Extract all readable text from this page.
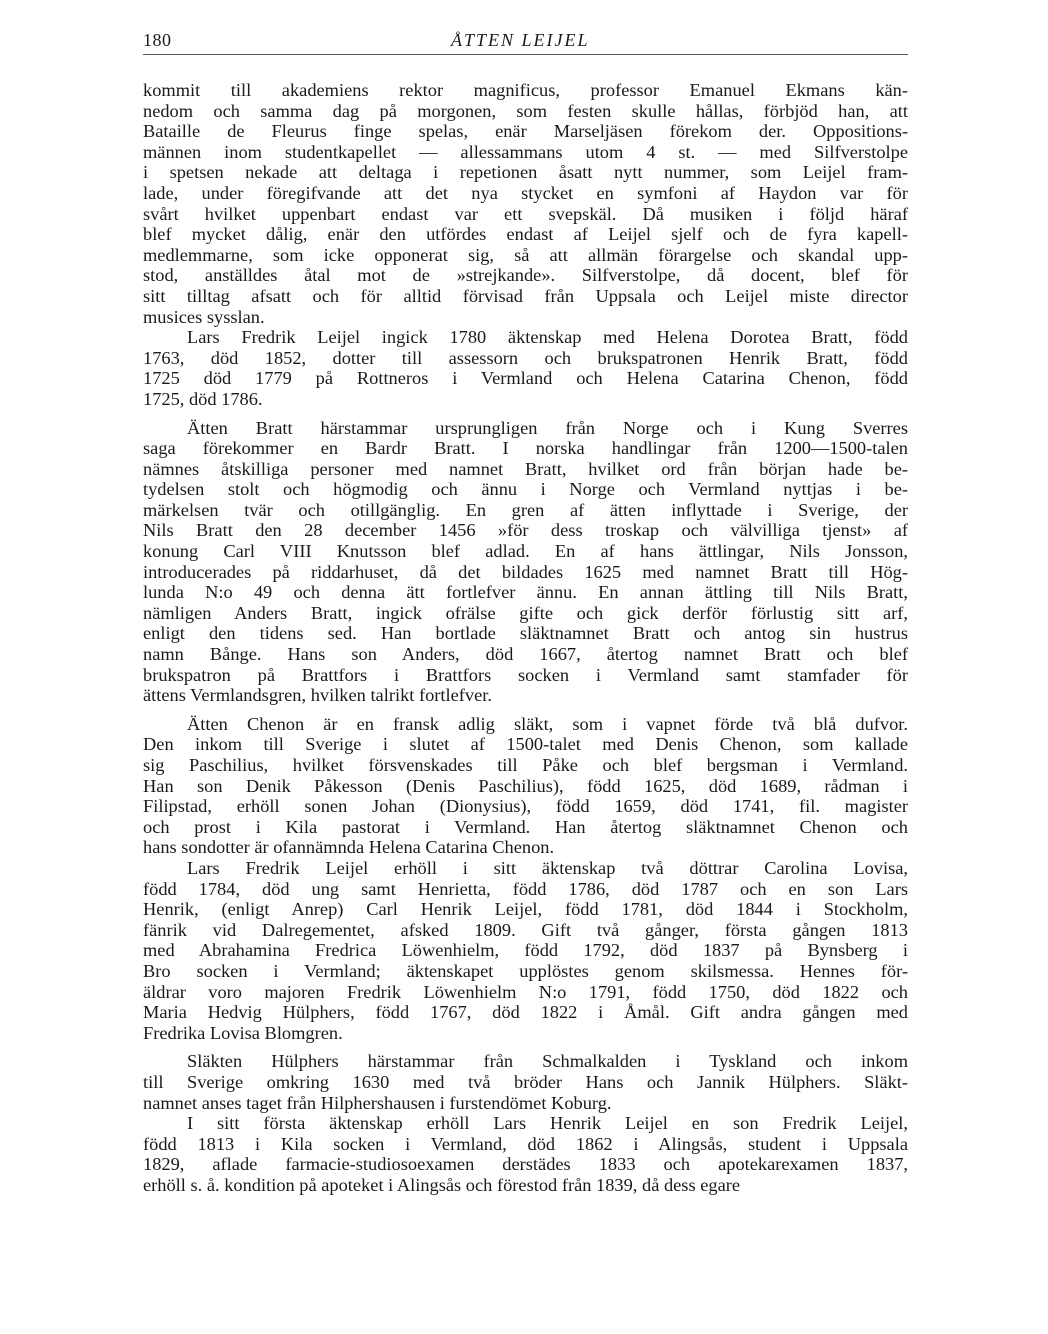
180	ÅTTEN LEIJEL
kommit till akademiens rektor magnificus, professor Emanuel Ekmans kän-
nedom och samma dag på morgonen, som festen skulle hållas, förbjöd han, att
Bataille de Fleurus finge spelas, enär Marseljäsen förekom der. Oppositions-
männen inom studentkapellet — allessammans utom 4 st. — med Silfverstolpe
i spetsen nekade att deltaga i repetionen åsatt nytt nummer, som Leijel fram-
lade, under föregifvande att det nya stycket en symfoni af Haydon var för
svårt hvilket uppenbart endast var ett svepskäl. Då musiken i följd häraf
blef mycket dålig, enär den utfördes endast af Leijel sjelf och de fyra kapell-
medlemmarne, som icke opponerat sig, så att allmän förargelse och skandal upp-
stod, anställdes åtal mot de »strejkande». Silfverstolpe, då docent, blef för
sitt tilltag afsatt och för alltid förvisad från Uppsala och Leijel miste director
musices sysslan.
Lars Fredrik Leijel ingick 1780 äktenskap med Helena Dorotea Bratt, född
1763, död 1852, dotter till assessorn och brukspatronen Henrik Bratt, född
1725 död 1779 på Rottneros i Vermland och Helena Catarina Chenon, född
1725, död 1786.
Ätten Bratt härstammar ursprungligen från Norge och i Kung Sverres
saga förekommer en Bardr Bratt. I norska handlingar från 1200—1500-talen
nämnes åtskilliga personer med namnet Bratt, hvilket ord från början hade be-
tydelsen stolt och högmodig och ännu i Norge och Vermland nyttjas i be-
märkelsen tvär och otillgänglig. En gren af ätten inflyttade i Sverige, der
Nils Bratt den 28 december 1456 »för dess troskap och välvilliga tjenst» af
konung Carl VIII Knutsson blef adlad. En af hans ättlingar, Nils Jonsson,
introducerades på riddarhuset, då det bildades 1625 med namnet Bratt till Hög-
lunda N:o 49 och denna ätt fortlefver ännu. En annan ättling till Nils Bratt,
nämligen Anders Bratt, ingick ofrälse gifte och gick derför förlustig sitt arf,
enligt den tidens sed. Han bortlade släktnamnet Bratt och antog sin hustrus
namn Bånge. Hans son Anders, död 1667, återtog namnet Bratt och blef
brukspatron på Brattfors i Brattfors socken i Vermland samt stamfader för
ättens Vermlandsgren, hvilken talrikt fortlefver.
Ätten Chenon är en fransk adlig släkt, som i vapnet förde två blå dufvor.
Den inkom till Sverige i slutet af 1500-talet med Denis Chenon, som kallade
sig Paschilius, hvilket försvenskades till Påke och blef bergsman i Vermland.
Han son Denik Påkesson (Denis Paschilius), född 1625, död 1689, rådman i
Filipstad, erhöll sonen Johan (Dionysius), född 1659, död 1741, fil. magister
och prost i Kila pastorat i Vermland. Han återtog släktnamnet Chenon och
hans sondotter är ofannämnda Helena Catarina Chenon.
Lars Fredrik Leijel erhöll i sitt äktenskap två döttrar Carolina Lovisa,
född 1784, död ung samt Henrietta, född 1786, död 1787 och en son Lars
Henrik, (enligt Anrep) Carl Henrik Leijel, född 1781, död 1844 i Stockholm,
fänrik vid Dalregementet, afsked 1809. Gift två gånger, första gången 1813
med Abrahamina Fredrica Löwenhielm, född 1792, död 1837 på Bynsberg i
Bro socken i Vermland; äktenskapet upplöstes genom skilsmessa. Hennes för-
äldrar voro majoren Fredrik Löwenhielm N:o 1791, född 1750, död 1822 och
Maria Hedvig Hülphers, född 1767, död 1822 i Åmål. Gift andra gången med
Fredrika Lovisa Blomgren.
Släkten Hülphers härstammar från Schmalkalden i Tyskland och inkom
till Sverige omkring 1630 med två bröder Hans och Jannik Hülphers. Släkt-
namnet anses taget från Hilphershausen i furstendömet Koburg.
I sitt första äktenskap erhöll Lars Henrik Leijel en son Fredrik Leijel,
född 1813 i Kila socken i Vermland, död 1862 i Alingsås, student i Uppsala
1829, aflade farmacie-studiosoexamen derstädes 1833 och apotekarexamen 1837,
erhöll s. å. kondition på apoteket i Alingsås och förestod från 1839, då dess egare
